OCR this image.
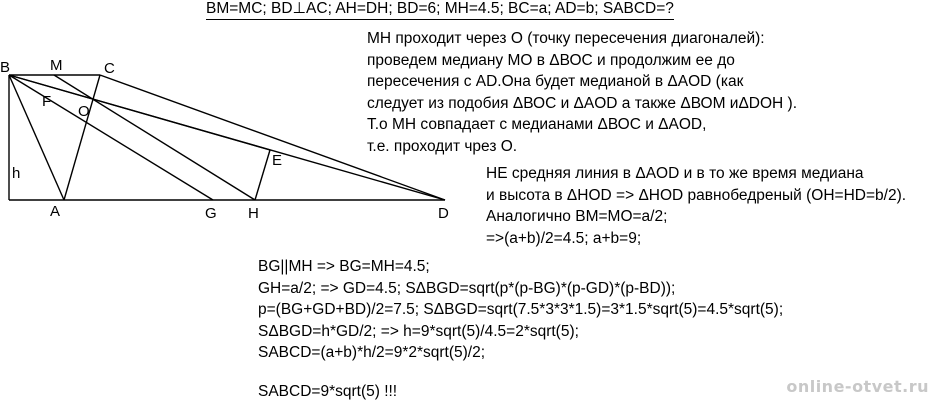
BM=MC; BD⊥AC; AH=DH; BD=6; MH=4.5; BC=a; AD=b; SABCD=?
B	M	C
F
O
E
h
A	G H	D
MH проходит через О (точку пересечения диагоналей):
проведем медиану МО в ΔВОС и продолжим ее до
пересечения с AD.Она будет медианой в ΔAOD (как
следует из подобия ΔВОС и ΔAOD а также ΔВОМ иΔDOH ).
Т.о МН совпадает с медианами ΔВОС и ΔAOD,
т.е. проходит чрез О.
НЕ средняя линия в ΔAOD и в то же время медиана
и высота в ΔHOD => ΔHOD равнобедреный (OH=HD=b/2).
Аналогично BM=MO=a/2;
=>(a+b)/2=4.5; a+b=9;
BG||MH => BG=MH=4.5;
GH=a/2; => GD=4.5; SΔBGD=sqrt(p*(p-BG)*(p-GD)*(p-BD));
p=(BG+GD+BD)/2=7.5; SΔBGD=sqrt(7.5*3*3*1.5)=3*1.5*sqrt(5)=4.5*sqrt(5);
SΔBGD=h*GD/2; => h=9*sqrt(5)/4.5=2*sqrt(5);
SABCD=(a+b)*h/2=9*2*sqrt(5)/2;
SABCD=9*sqrt(5) !!!	online-otvet.ru
